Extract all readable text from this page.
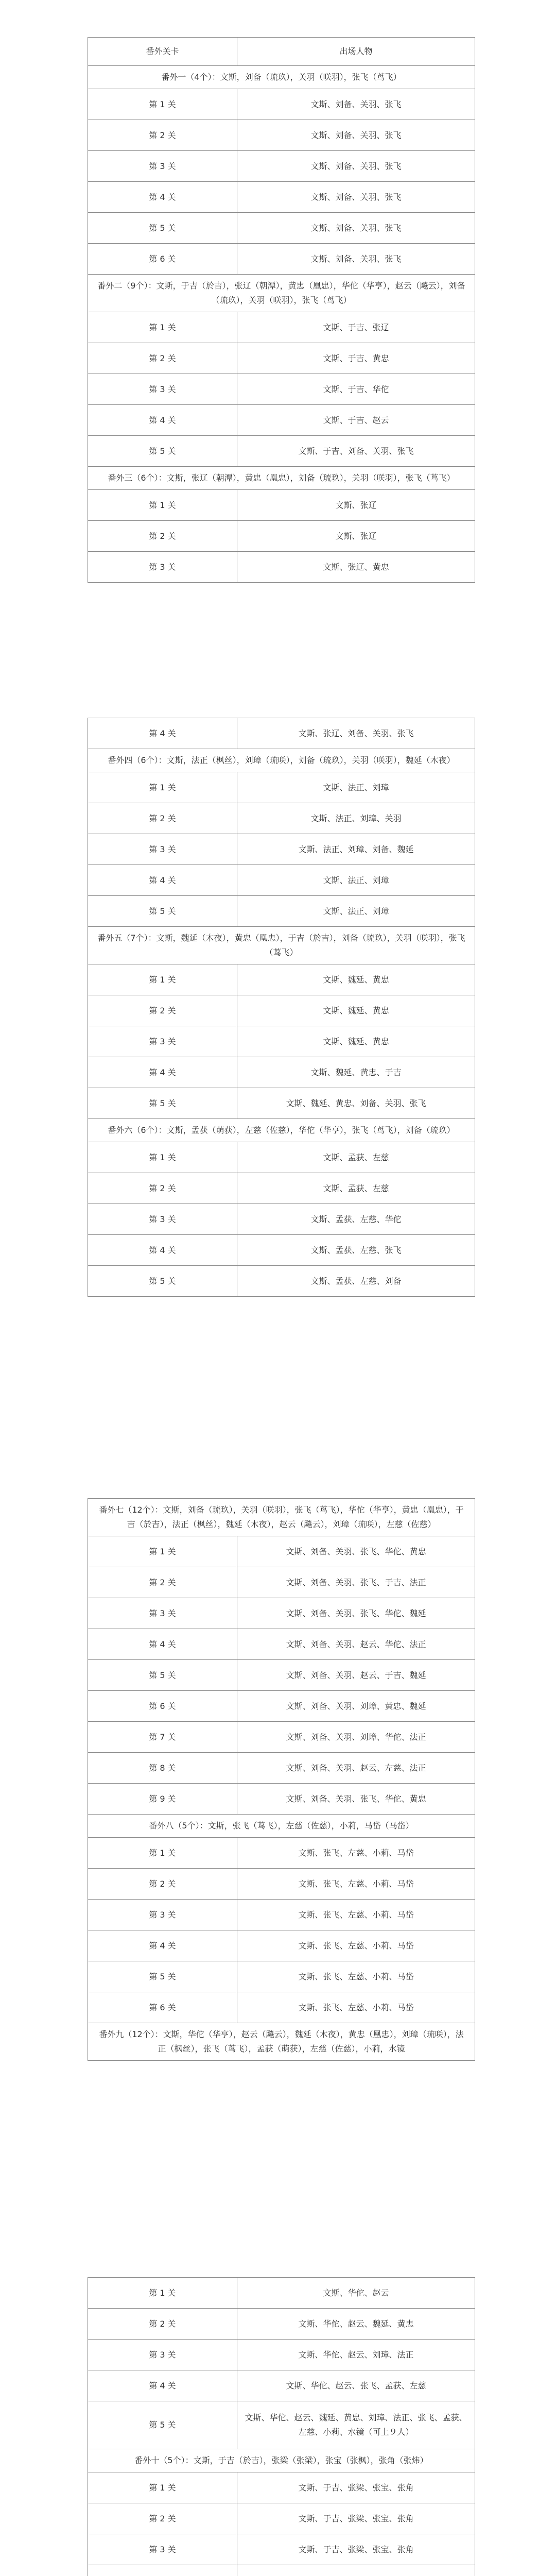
番外关卡	出场人物
番外一（4个）：文斯，刘备（琉玖），关羽（咲羽），张飞（茑飞）	
第 1 关	文斯、刘备、关羽、张飞
第 2 关	文斯、刘备、关羽、张飞
第 3 关	文斯、刘备、关羽、张飞
第 4 关	文斯、刘备、关羽、张飞
第 5 关	文斯、刘备、关羽、张飞
第 6 关	文斯、刘备、关羽、张飞
番外二（9个）：文斯，于吉（於吉），张辽（朝潭），黄忠（凰忠），华佗（华亨），赵云（飚云），刘备（琉玖），关羽（咲羽），张飞（茑飞）	
第 1 关	文斯、于吉、张辽
第 2 关	文斯、于吉、黄忠
第 3 关	文斯、于吉、华佗
第 4 关	文斯、于吉、赵云
第 5 关	文斯、于吉、刘备、关羽、张飞
番外三（6个）：文斯，张辽（朝潭），黄忠（凰忠），刘备（琉玖），关羽（咲羽），张飞（茑飞）	
第 1 关	文斯、张辽
第 2 关	文斯、张辽
第 3 关	文斯、张辽、黄忠
第 4 关	文斯、张辽、刘备、关羽、张飞
番外四（6个）：文斯，法正（枫丝），刘璋（琉咲），刘备（琉玖），关羽（咲羽），魏延（木夜）	
第 1 关	文斯、法正、刘璋
第 2 关	文斯、法正、刘璋、关羽
第 3 关	文斯、法正、刘璋、刘备、魏延
第 4 关	文斯、法正、刘璋
第 5 关	文斯、法正、刘璋
番外五（7个）：文斯，魏延（木夜），黄忠（凰忠），于吉（於吉），刘备（琉玖），关羽（咲羽），张飞（茑飞）	
第 1 关	文斯、魏延、黄忠
第 2 关	文斯、魏延、黄忠
第 3 关	文斯、魏延、黄忠
第 4 关	文斯、魏延、黄忠、于吉
第 5 关	文斯、魏延、黄忠、刘备、关羽、张飞
番外六（6个）：文斯，孟获（萌获），左慈（佐慈），华佗（华亨），张飞（茑飞），刘备（琉玖）	
第 1 关	文斯、孟获、左慈
第 2 关	文斯、孟获、左慈
第 3 关	文斯、孟获、左慈、华佗
第 4 关	文斯、孟获、左慈、张飞
第 5 关	文斯、孟获、左慈、刘备
番外七（12个）：文斯，刘备（琉玖），关羽（咲羽），张飞（茑飞），华佗（华亨），黄忠（凰忠），于吉（於吉），法正（枫丝），魏延（木夜），赵云（飚云），刘璋（琉咲），左慈（佐慈）	
第 1 关	文斯、刘备、关羽、张飞、华佗、黄忠
第 2 关	文斯、刘备、关羽、张飞、于吉、法正
第 3 关	文斯、刘备、关羽、张飞、华佗、魏延
第 4 关	文斯、刘备、关羽、赵云、华佗、法正
第 5 关	文斯、刘备、关羽、赵云、于吉、魏延
第 6 关	文斯、刘备、关羽、刘璋、黄忠、魏延
第 7 关	文斯、刘备、关羽、刘璋、华佗、法正
第 8 关	文斯、刘备、关羽、赵云、左慈、法正
第 9 关	文斯、刘备、关羽、张飞、华佗、黄忠
番外八（5个）：文斯，张飞（茑飞），左慈（佐慈），小莉，马岱（马岱）	
第 1 关	文斯、张飞、左慈、小莉、马岱
第 2 关	文斯、张飞、左慈、小莉、马岱
第 3 关	文斯、张飞、左慈、小莉、马岱
第 4 关	文斯、张飞、左慈、小莉、马岱
第 5 关	文斯、张飞、左慈、小莉、马岱
第 6 关	文斯、张飞、左慈、小莉、马岱
番外九（12个）：文斯，华佗（华亨），赵云（飚云），魏延（木夜），黄忠（凰忠），刘璋（琉咲），法正（枫丝），张飞（茑飞），孟获（萌获），左慈（佐慈），小莉，水镜	
第 1 关	文斯、华佗、赵云
第 2 关	文斯、华佗、赵云、魏延、黄忠
第 3 关	文斯、华佗、赵云、刘璋、法正
第 4 关	文斯、华佗、赵云、张飞、孟获、左慈
第 5 关	文斯、华佗、赵云、魏延、黄忠、刘璋、法正、张飞、孟获、左慈、小莉、水镜（可上９人）
番外十（5个）：文斯，于吉（於吉），张梁（张梁），张宝（张枫），张角（张炜）	
第 1 关	文斯、于吉、张梁、张宝、张角
第 2 关	文斯、于吉、张梁、张宝、张角
第 3 关	文斯、于吉、张梁、张宝、张角
